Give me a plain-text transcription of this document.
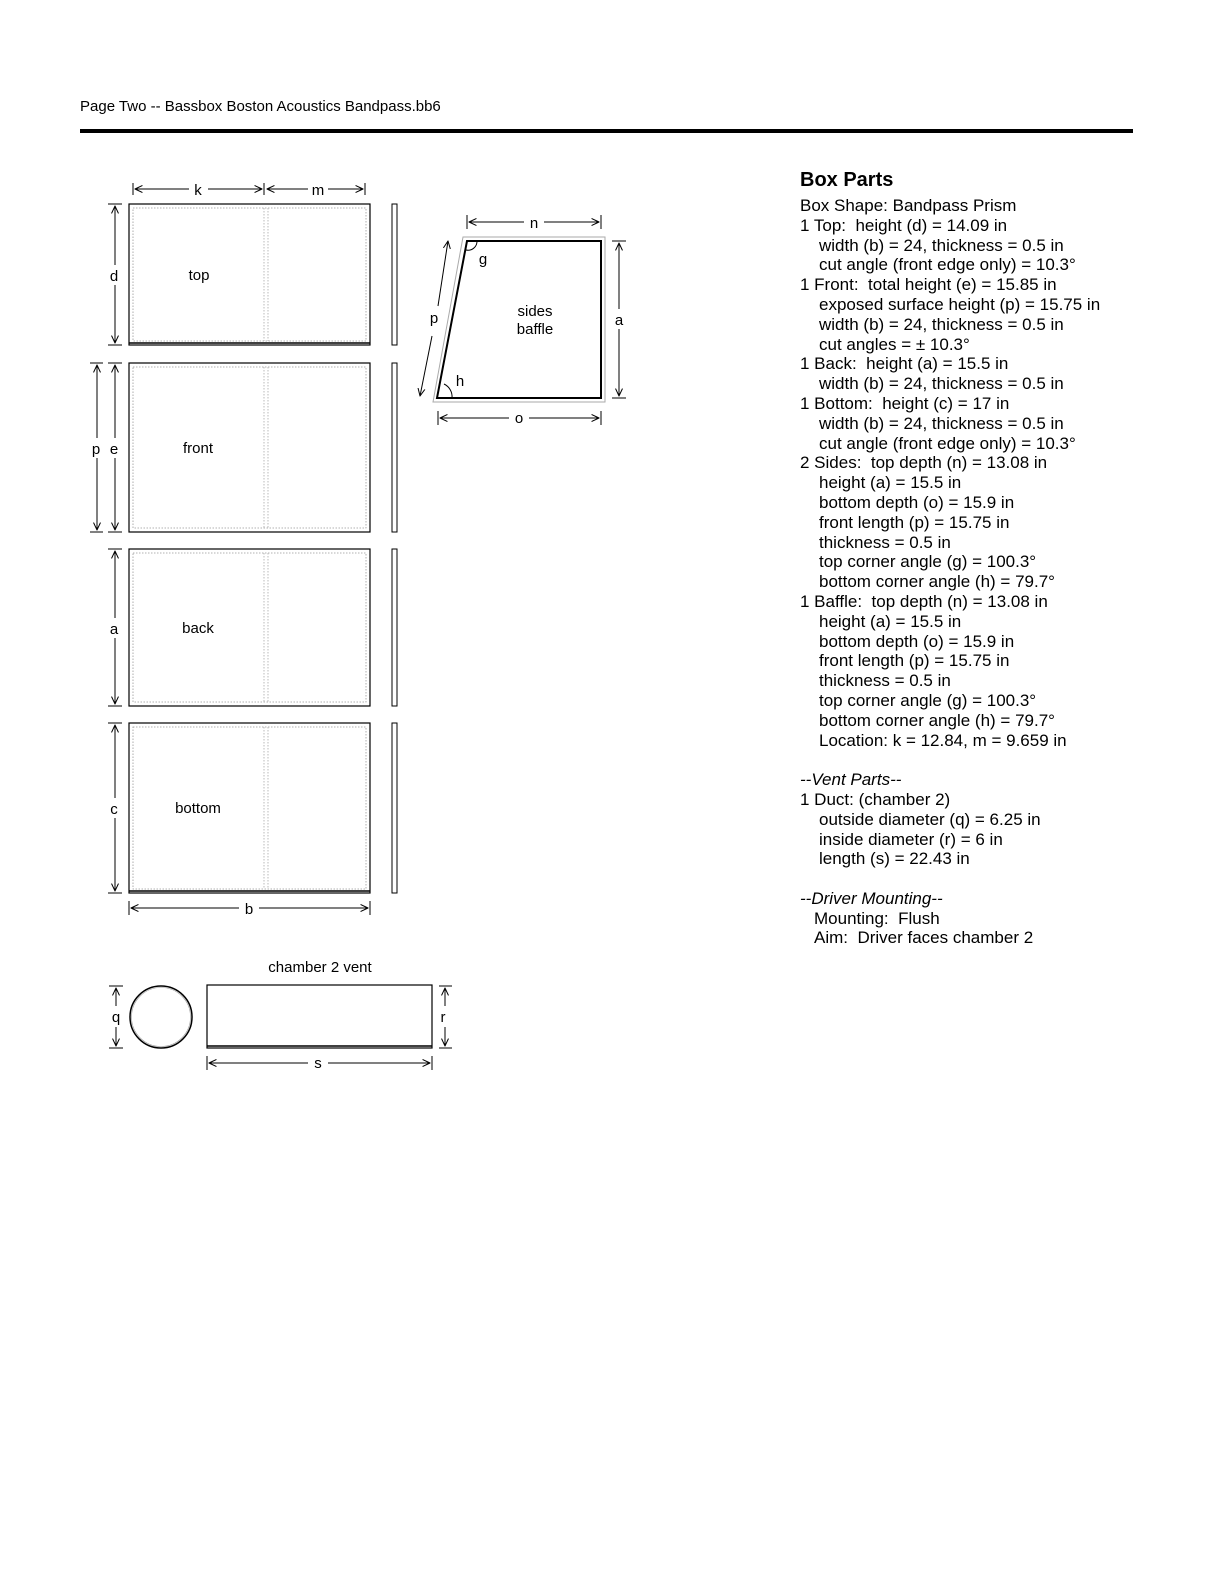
Page Two -- Bassbox Boston Acoustics Bandpass.bb6
k	m
top
d
front
p e
back
a
bottom
c
b
g
h
sides
baffle
n
a
o
p
chamber 2 vent
q	r
s
Box Parts
Box Shape: Bandpass Prism
1 Top:  height (d) = 14.09 in
width (b) = 24, thickness = 0.5 in
cut angle (front edge only) = 10.3°
1 Front:  total height (e) = 15.85 in
exposed surface height (p) = 15.75 in
width (b) = 24, thickness = 0.5 in
cut angles = ± 10.3°
1 Back:  height (a) = 15.5 in
width (b) = 24, thickness = 0.5 in
1 Bottom:  height (c) = 17 in
width (b) = 24, thickness = 0.5 in
cut angle (front edge only) = 10.3°
2 Sides:  top depth (n) = 13.08 in
height (a) = 15.5 in
bottom depth (o) = 15.9 in
front length (p) = 15.75 in
thickness = 0.5 in
top corner angle (g) = 100.3°
bottom corner angle (h) = 79.7°
1 Baffle:  top depth (n) = 13.08 in
height (a) = 15.5 in
bottom depth (o) = 15.9 in
front length (p) = 15.75 in
thickness = 0.5 in
top corner angle (g) = 100.3°
bottom corner angle (h) = 79.7°
Location: k = 12.84, m = 9.659 in
--Vent Parts--
1 Duct: (chamber 2)
outside diameter (q) = 6.25 in
inside diameter (r) = 6 in
length (s) = 22.43 in
--Driver Mounting--
Mounting:  Flush
Aim:  Driver faces chamber 2
